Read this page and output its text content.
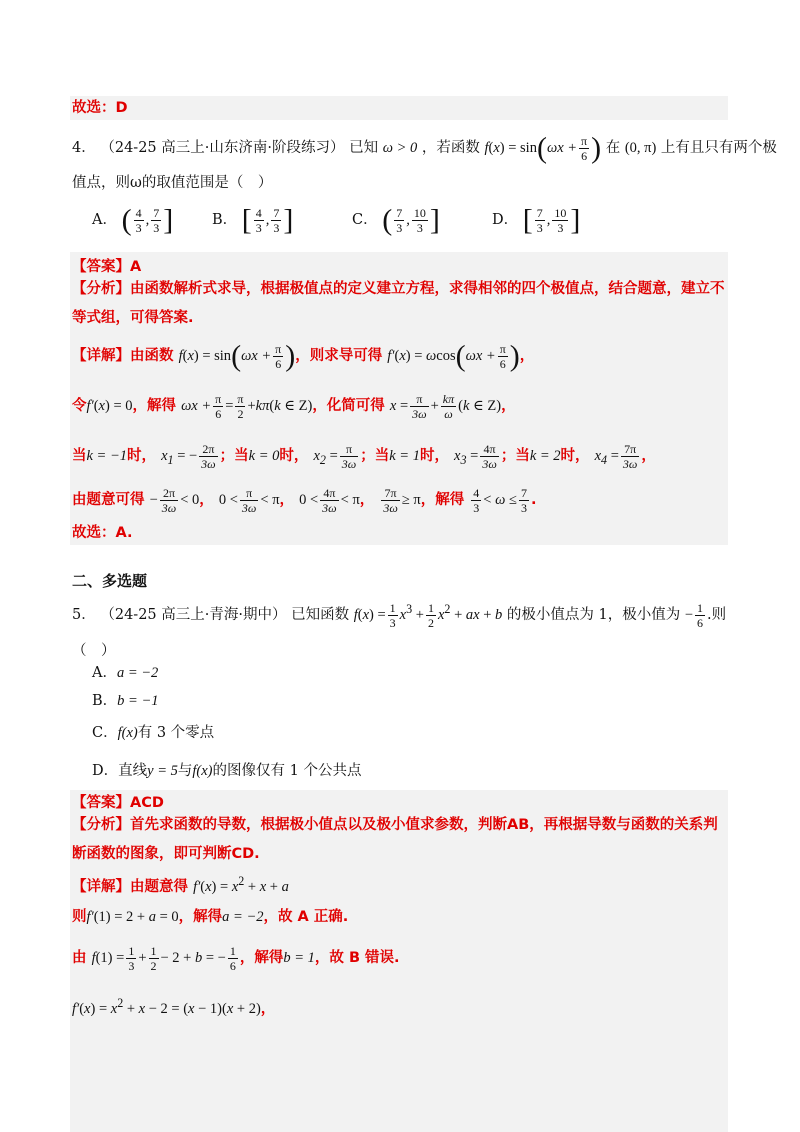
故选：D
4． （24-25 高三上·山东济南·阶段练习） 已知 ω > 0 ，若函数 $f(x) = \sin(\omega x + \frac{\pi}{6}$ ) 在 (0, π) 上有且只有两个极
值点，则ω的取值范围是（　）
A． ( $\frac{4}{3}$ , $\frac{7}{3}$ ]	B． [ $\frac{4}{3}$ , $\frac{7}{3}$ ]	C． ( $\frac{7}{3}$ , $\frac{10}{3}$ ]	D． [ $\frac{7}{3}$ , $\frac{10}{3}$ ]
【答案】A
【分析】由函数解析式求导，根据极值点的定义建立方程，求得相邻的四个极值点，结合题意，建立不等式组，可得答案.
【详解】由函数 $f(x) = \sin(\omega x + \frac{\pi}{6}$ )，则求导可得 $f'(x) = \omega\cos(\omega x + \frac{\pi}{6}$ )，
令f′(x) = 0，解得 $\omega x + \frac{\pi}{6} = \frac{\pi}{2} +k\pi(k$ ∈ Z)，化简可得 $x = \frac{\pi}{3\omega} + \frac{k\pi}{\omega} (k$ ∈ Z)，
当k = −1时， $x_1$ = − $\frac{2\pi}{3\omega}$ ；当k = 0时， $x_2 = \frac{\pi}{3\omega}$ ；当k = 1时， $x_3 = \frac{4\pi}{3\omega}$ ；当k = 2时， $x_4 = \frac{7\pi}{3\omega}$ ，
由题意可得 − $\frac{2\pi}{3\omega} < 0$， $0 < \frac{\pi}{3\omega} < \pi$， $0 < \frac{4\pi}{3\omega} < \pi$， $\frac{7\pi}{3\omega} \ge \pi$，解得 $\frac{4}{3} < \omega \le \frac{7}{3}$ .
故选：A.
二、多选题
5． （24-25 高三上·青海·期中） 已知函数 $f(x) = \frac{1}{3} x^3 + \frac{1}{2} x^2$ + ax + b 的极小值点为 1，极小值为 − $\frac{1}{6}$ .则
（　）
A．a = −2
B．b = −1
C．f(x)有 3 个零点
D．直线y = 5与f(x)的图像仅有 1 个公共点
【答案】ACD
【分析】首先求函数的导数，根据极小值点以及极小值求参数，判断AB，再根据导数与函数的关系判断函数的图象，即可判断CD.
【详解】由题意得 $f'(x) = x^2 + x + a$
则f′(1) = 2 + a = 0，解得a = −2，故 A 正确.
由 $f(1) = \frac{1}{3} + \frac{1}{2} - 2 + b$ = − $\frac{1}{6}$ ，解得b = 1，故 B 错误.
$f'(x) = x^2 + x - 2 = (x - 1)(x + 2)$，
